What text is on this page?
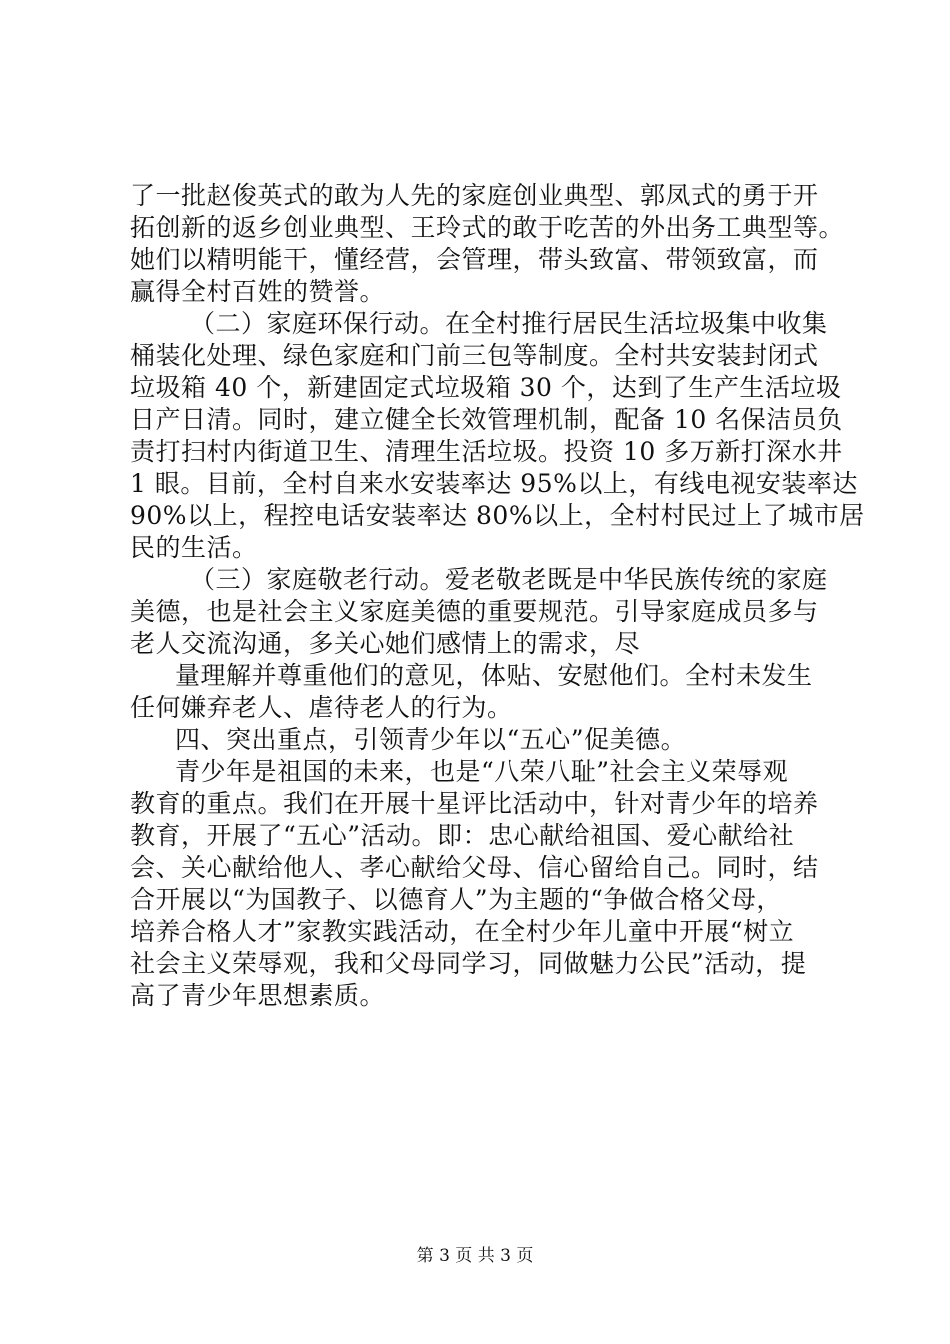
了一批赵俊英式的敢为人先的家庭创业典型、郭凤式的勇于开
拓创新的返乡创业典型、王玲式的敢于吃苦的外出务工典型等。
她们以精明能干，懂经营，会管理，带头致富、带领致富，而
赢得全村百姓的赞誉。
（二）家庭环保行动。在全村推行居民生活垃圾集中收集
桶装化处理、绿色家庭和门前三包等制度。全村共安装封闭式
垃圾箱 40 个，新建固定式垃圾箱 30 个，达到了生产生活垃圾
日产日清。同时，建立健全长效管理机制，配备 10 名保洁员负
责打扫村内街道卫生、清理生活垃圾。投资 10 多万新打深水井
1 眼。目前，全村自来水安装率达 95%以上，有线电视安装率达
90%以上，程控电话安装率达 80%以上，全村村民过上了城市居
民的生活。
（三）家庭敬老行动。爱老敬老既是中华民族传统的家庭
美德，也是社会主义家庭美德的重要规范。引导家庭成员多与
老人交流沟通，多关心她们感情上的需求，尽
量理解并尊重他们的意见，体贴、安慰他们。全村未发生
任何嫌弃老人、虐待老人的行为。
四、突出重点，引领青少年以“五心”促美德。
青少年是祖国的未来，也是“八荣八耻”社会主义荣辱观
教育的重点。我们在开展十星评比活动中，针对青少年的培养
教育，开展了“五心”活动。即：忠心献给祖国、爱心献给社
会、关心献给他人、孝心献给父母、信心留给自己。同时，结
合开展以“为国教子、以德育人”为主题的“争做合格父母，
培养合格人才”家教实践活动，在全村少年儿童中开展“树立
社会主义荣辱观，我和父母同学习，同做魅力公民”活动，提
高了青少年思想素质。
第 3 页 共 3 页
